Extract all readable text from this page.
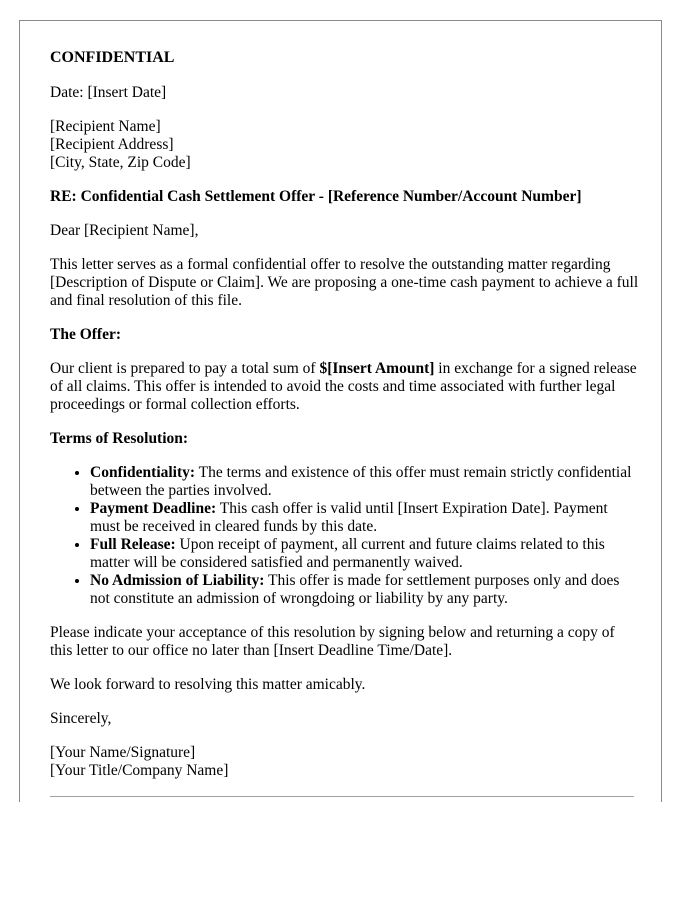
CONFIDENTIAL

Date: [Insert Date]

[Recipient Name]
[Recipient Address]
[City, State, Zip Code]

RE: Confidential Cash Settlement Offer - [Reference Number/Account Number]

Dear [Recipient Name],

This letter serves as a formal confidential offer to resolve the outstanding matter regarding [Description of Dispute or Claim]. We are proposing a one-time cash payment to achieve a full and final resolution of this file.

The Offer:

Our client is prepared to pay a total sum of $[Insert Amount] in exchange for a signed release of all claims. This offer is intended to avoid the costs and time associated with further legal proceedings or formal collection efforts.

Terms of Resolution:

• Confidentiality: The terms and existence of this offer must remain strictly confidential between the parties involved.
• Payment Deadline: This cash offer is valid until [Insert Expiration Date]. Payment must be received in cleared funds by this date.
• Full Release: Upon receipt of payment, all current and future claims related to this matter will be considered satisfied and permanently waived.
• No Admission of Liability: This offer is made for settlement purposes only and does not constitute an admission of wrongdoing or liability by any party.

Please indicate your acceptance of this resolution by signing below and returning a copy of this letter to our office no later than [Insert Deadline Time/Date].

We look forward to resolving this matter amicably.

Sincerely,

[Your Name/Signature]
[Your Title/Company Name]
